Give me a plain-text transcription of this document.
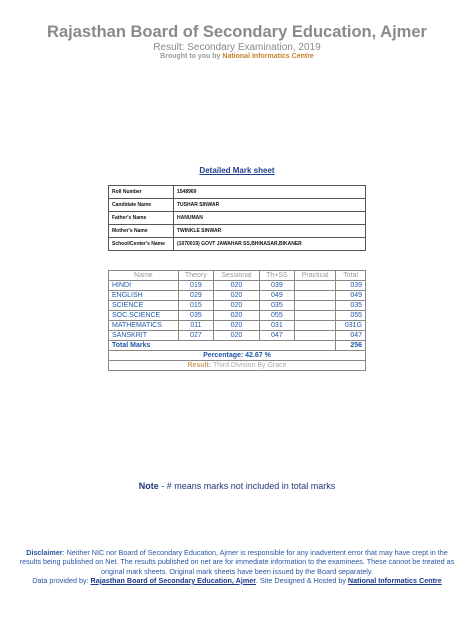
Rajasthan Board of Secondary Education, Ajmer
Result: Secondary Examination, 2019
Brought to you by National Informatics Centre
Detailed Mark sheet
Roll Number	1548969
Candidate Name	TUSHAR SINWAR
Father's Name	HANUMAN
Mother's Name	TWINKLE SINWAR
School/Center's Name	(1070019) GOVT JAWAHAR SS,BHINASAR,BIKANER
Name	Theory	Sessional	Th+SS	Practical	Total
HINDI	019	020	039		039
ENGLISH	029	020	049		049
SCIENCE	015	020	035		035
SOC.SCIENCE	035	020	055		055
MATHEMATICS	011	020	031		031G
SANSKRIT	027	020	047		047
Total Marks					256
Percentage: 42.67 %					
Result: Third Division By Grace					
Note - # means marks not included in total marks
Disclaimer: Neither NIC nor Board of Secondary Education, Ajmer is responsible for any inadvertent error that may have crept in the results being published on Net. The results published on net are for immediate information to the examinees. These cannot be treated as original mark sheets. Original mark sheets have been issued by the Board separately.
Data provided by: Rajasthan Board of Secondary Education, Ajmer. Site Designed & Hosted by National Informatics Centre
